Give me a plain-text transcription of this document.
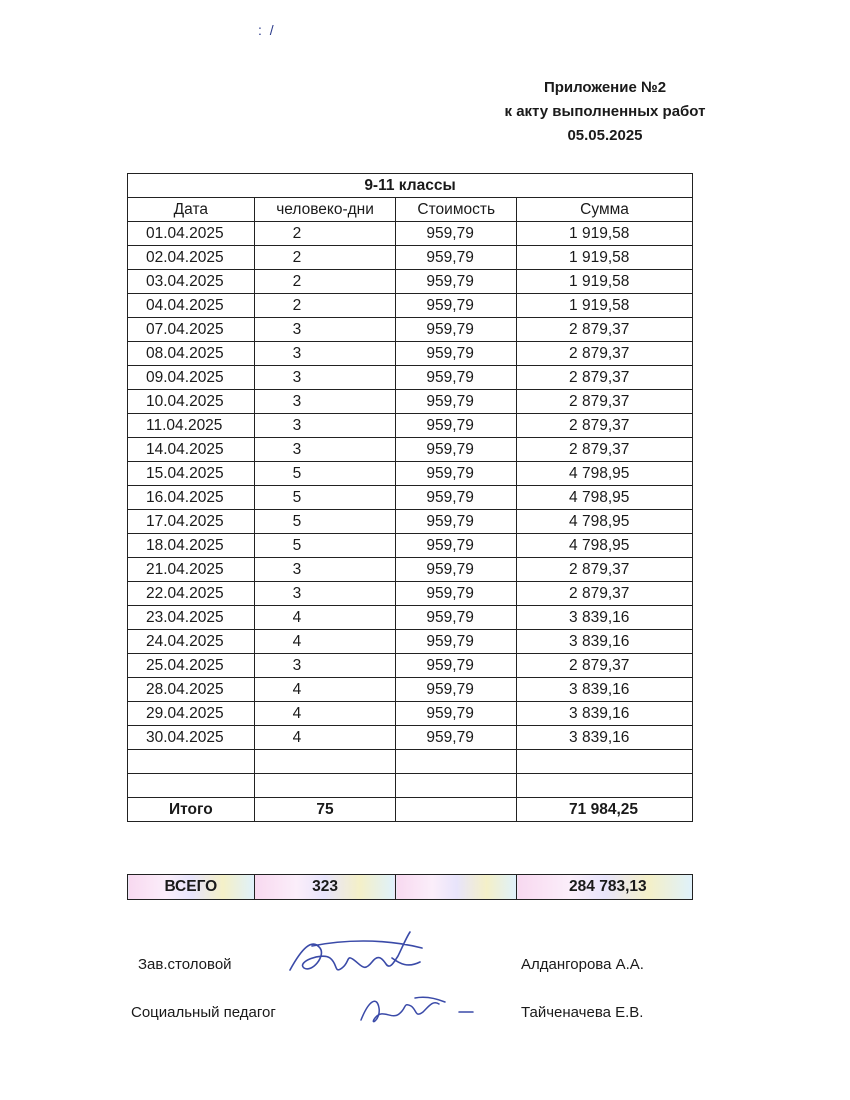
: /
Приложение №2
к акту выполненных работ
05.05.2025
9-11 классы			
Дата	человеко-дни	Стоимость	Сумма
01.04.2025	2	959,79	1 919,58
02.04.2025	2	959,79	1 919,58
03.04.2025	2	959,79	1 919,58
04.04.2025	2	959,79	1 919,58
07.04.2025	3	959,79	2 879,37
08.04.2025	3	959,79	2 879,37
09.04.2025	3	959,79	2 879,37
10.04.2025	3	959,79	2 879,37
11.04.2025	3	959,79	2 879,37
14.04.2025	3	959,79	2 879,37
15.04.2025	5	959,79	4 798,95
16.04.2025	5	959,79	4 798,95
17.04.2025	5	959,79	4 798,95
18.04.2025	5	959,79	4 798,95
21.04.2025	3	959,79	2 879,37
22.04.2025	3	959,79	2 879,37
23.04.2025	4	959,79	3 839,16
24.04.2025	4	959,79	3 839,16
25.04.2025	3	959,79	2 879,37
28.04.2025	4	959,79	3 839,16
29.04.2025	4	959,79	3 839,16
30.04.2025	4	959,79	3 839,16

Итого	75		71 984,25
ВСЕГО	323		284 783,13
Зав.столовой	Алдангорова А.А.
Социальный педагог	Тайченачева Е.В.
